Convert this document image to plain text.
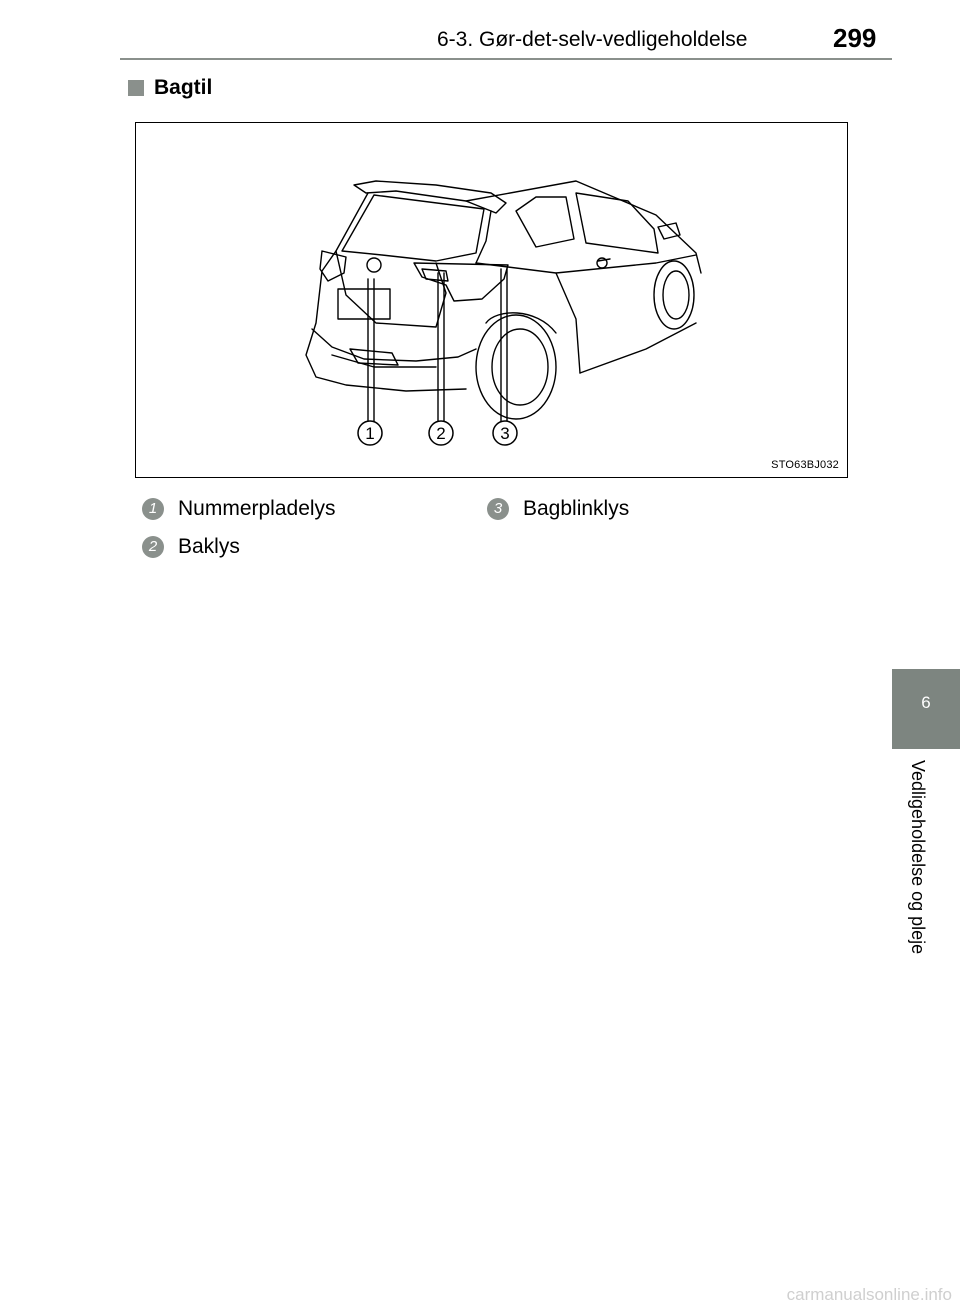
6-3. Gør-det-selv-vedligeholdelse	299
Bagtil
1	2	3
STO63BJ032
1 Nummerpladelys
2 Baklys
3 Bagblinklys
6
Vedligeholdelse og pleje
carmanualsonline.info
